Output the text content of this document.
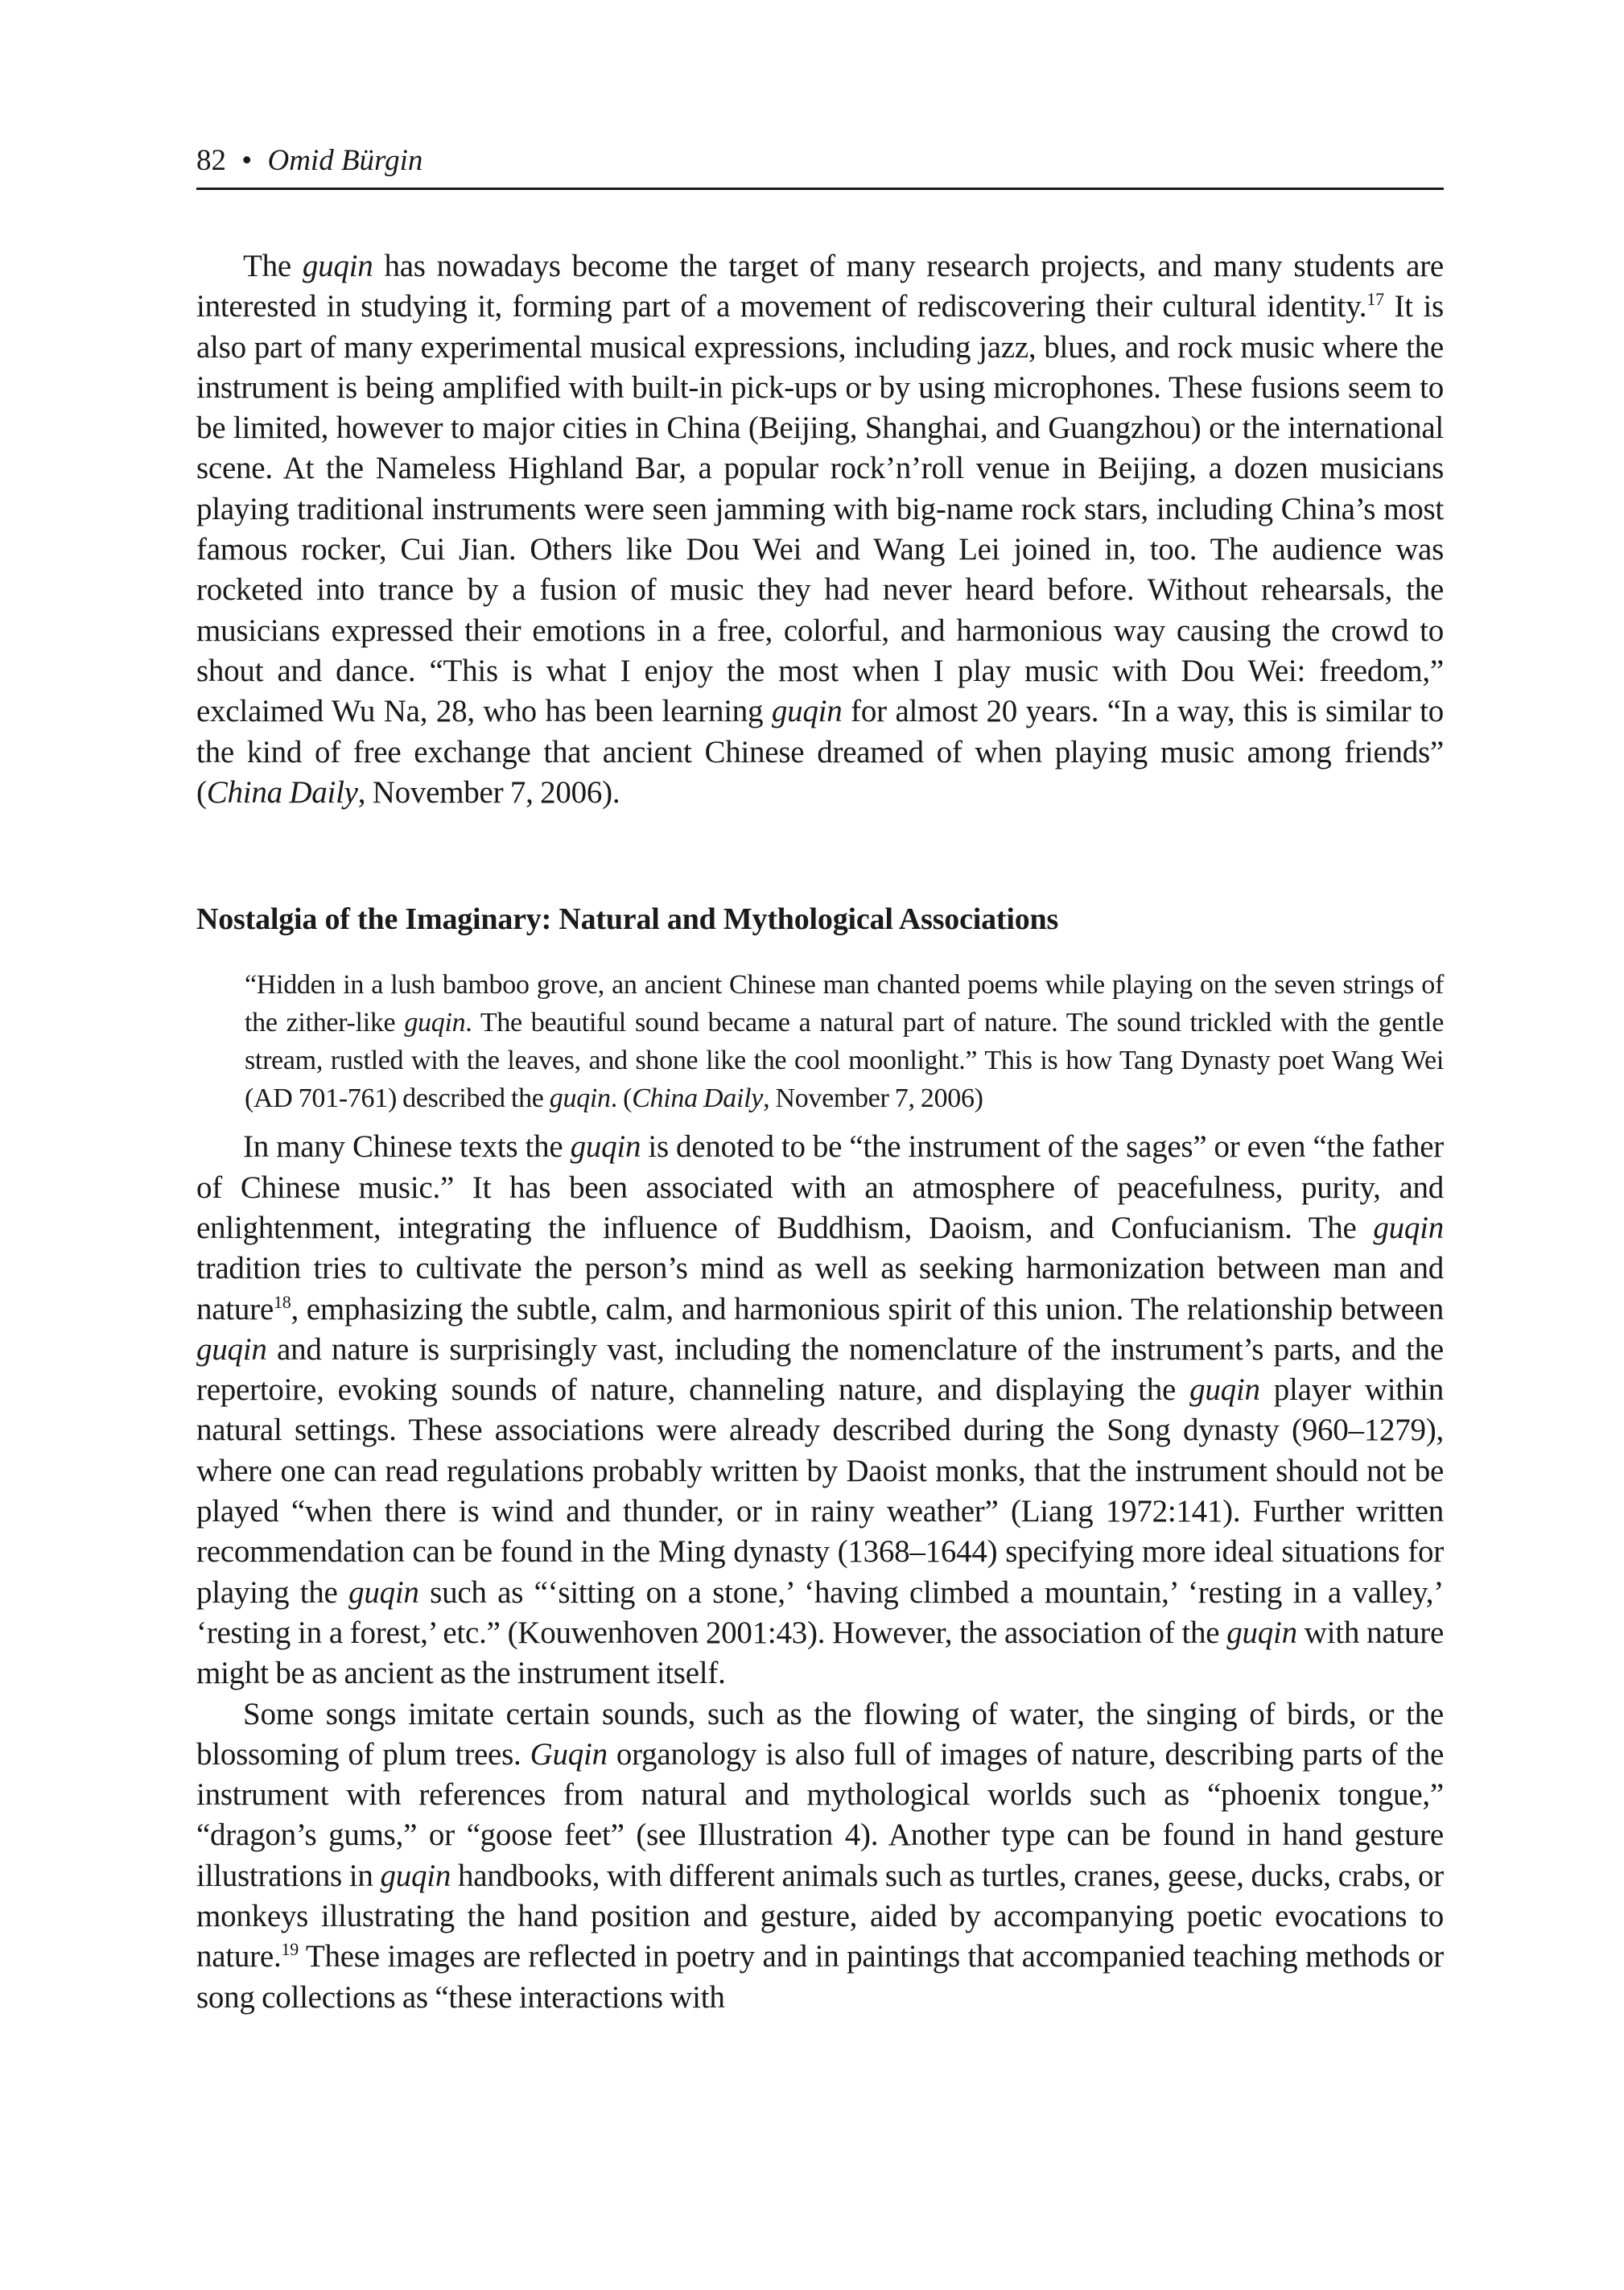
82 • Omid Bürgin

The guqin has nowadays become the target of many research projects, and many students are interested in studying it, forming part of a movement of rediscovering their cultural identity.$^{17}$ It is also part of many experimental musical expressions, including jazz, blues, and rock music where the instrument is being amplified with built-in pick-ups or by using microphones. These fusions seem to be limited, however to major cities in China (Beijing, Shanghai, and Guangzhou) or the international scene. At the Nameless Highland Bar, a popular rock’n’roll venue in Beijing, a dozen musicians playing traditional instruments were seen jamming with big-name rock stars, including China’s most famous rocker, Cui Jian. Others like Dou Wei and Wang Lei joined in, too. The audience was rocketed into trance by a fusion of music they had never heard before. Without rehearsals, the musicians expressed their emotions in a free, colorful, and harmonious way causing the crowd to shout and dance. “This is what I enjoy the most when I play music with Dou Wei: freedom,” exclaimed Wu Na, 28, who has been learning guqin for almost 20 years. “In a way, this is similar to the kind of free exchange that ancient Chinese dreamed of when playing music among friends” (China Daily, November 7, 2006).

Nostalgia of the Imaginary: Natural and Mythological Associations

“Hidden in a lush bamboo grove, an ancient Chinese man chanted poems while playing on the seven strings of the zither-like guqin. The beautiful sound became a natural part of nature. The sound trickled with the gentle stream, rustled with the leaves, and shone like the cool moonlight.” This is how Tang Dynasty poet Wang Wei (AD 701-761) described the guqin. (China Daily, November 7, 2006)

In many Chinese texts the guqin is denoted to be “the instrument of the sages” or even “the father of Chinese music.” It has been associated with an atmosphere of peacefulness, purity, and enlightenment, integrating the influence of Buddhism, Daoism, and Confucianism. The guqin tradition tries to cultivate the person’s mind as well as seeking harmonization between man and nature$^{18}$, emphasizing the subtle, calm, and harmonious spirit of this union. The relationship between guqin and nature is surprisingly vast, including the nomenclature of the instrument’s parts, and the repertoire, evoking sounds of nature, channeling nature, and displaying the guqin player within natural settings. These associations were already described during the Song dynasty (960–1279), where one can read regulations probably written by Daoist monks, that the instrument should not be played “when there is wind and thunder, or in rainy weather” (Liang 1972:141). Further written recommendation can be found in the Ming dynasty (1368–1644) specifying more ideal situations for playing the guqin such as “‘sitting on a stone,’ ‘having climbed a mountain,’ ‘resting in a valley,’ ‘resting in a forest,’ etc.” (Kouwenhoven 2001:43). However, the association of the guqin with nature might be as ancient as the instrument itself.

Some songs imitate certain sounds, such as the flowing of water, the singing of birds, or the blossoming of plum trees. Guqin organology is also full of images of nature, describing parts of the instrument with references from natural and mythological worlds such as “phoenix tongue,” “dragon’s gums,” or “goose feet” (see Illustration 4). Another type can be found in hand gesture illustrations in guqin handbooks, with different animals such as turtles, cranes, geese, ducks, crabs, or monkeys illustrating the hand position and gesture, aided by accompanying poetic evocations to nature.$^{19}$ These images are reflected in poetry and in paintings that accompanied teaching methods or song collections as “these interactions with
